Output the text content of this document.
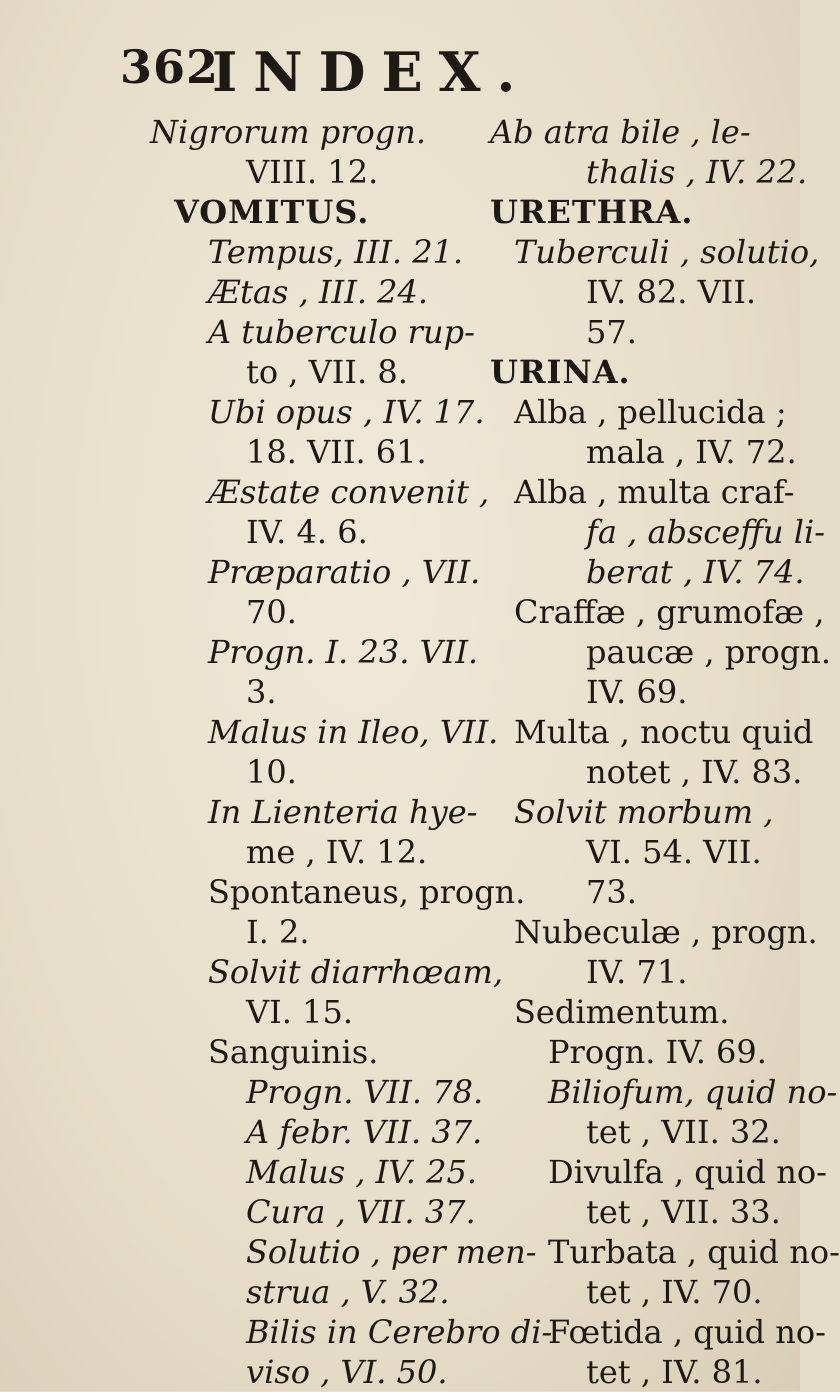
362
INDEX.
Nigrorum progn.
VIII. 12.
VOMITUS.
Tempus, III. 21.
Ætas , III. 24.
A tuberculo rup-
to , VII. 8.
Ubi opus , IV. 17.
18. VII. 61.
Æstate convenit ,
IV. 4. 6.
Præparatio , VII.
70.
Progn. I. 23. VII.
3.
Malus in Ileo, VII.
10.
In Lienteria hye-
me , IV. 12.
Spontaneus, progn.
I. 2.
Solvit diarrhœam,
VI. 15.
Sanguinis.
Progn. VII. 78.
A febr. VII. 37.
Malus , IV. 25.
Cura , VII. 37.
Solutio , per men-
strua , V. 32.
Bilis in Cerebro di-
viso , VI. 50.
Ab atra bile , le-
thalis , IV. 22.
URETHRA.
Tuberculi , solutio,
IV. 82. VII.
57.
URINA.
Alba , pellucida ;
mala , IV. 72.
Alba , multa craf-
fa , absceffu li-
berat , IV. 74.
Craffæ , grumofæ ,
paucæ , progn.
IV. 69.
Multa , noctu quid
notet , IV. 83.
Solvit morbum ,
VI. 54. VII.
73.
Nubeculæ , progn.
IV. 71.
Sedimentum.
Progn. IV. 69.
Biliofum, quid no-
tet , VII. 32.
Divulfa , quid no-
tet , VII. 33.
Turbata , quid no-
tet , IV. 70.
Fœtida , quid no-
tet , IV. 81.
